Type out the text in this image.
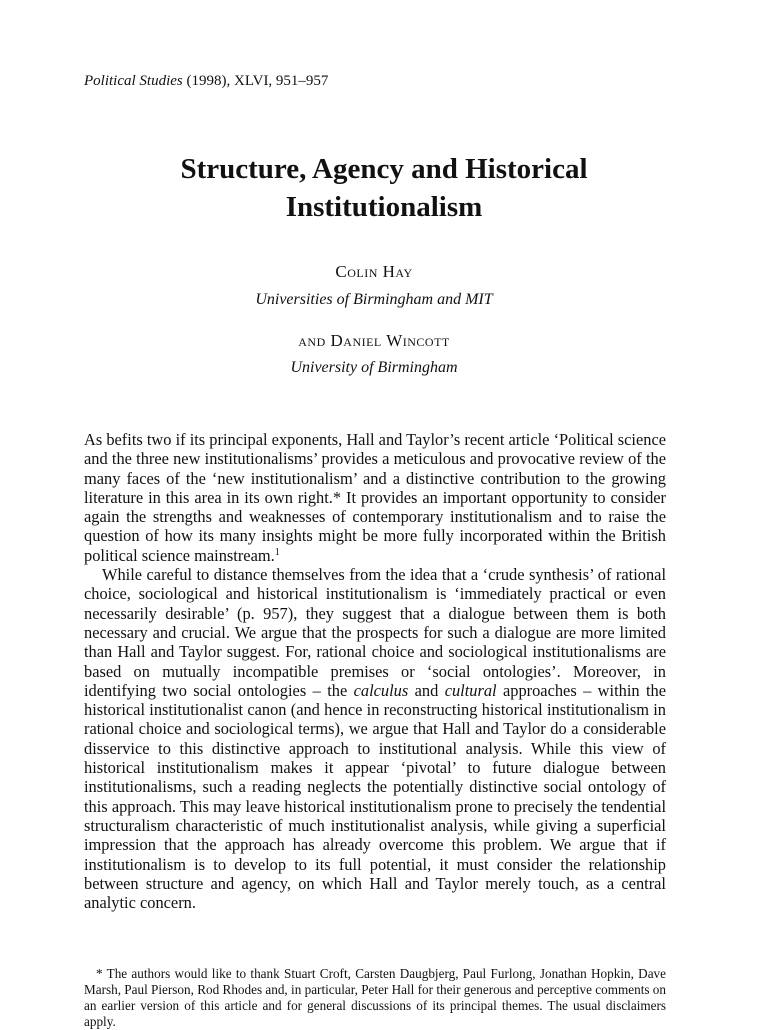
Political Studies (1998), XLVI, 951–957
Structure, Agency and Historical
Institutionalism
Colin Hay
Universities of Birmingham and MIT
and Daniel Wincott
University of Birmingham

As befits two if its principal exponents, Hall and Taylor’s recent article ‘Political science and the three new institutionalisms’ provides a meticulous and provocative review of the many faces of the ‘new institutionalism’ and a distinctive contribution to the growing literature in this area in its own right.* It provides an important opportunity to consider again the strengths and weaknesses of contemporary institutionalism and to raise the question of how its many insights might be more fully incorporated within the British political science mainstream.$^1$

While careful to distance themselves from the idea that a ‘crude synthesis’ of rational choice, sociological and historical institutionalism is ‘immediately practical or even necessarily desirable’ (p. 957), they suggest that a dialogue between them is both necessary and crucial. We argue that the prospects for such a dialogue are more limited than Hall and Taylor suggest. For, rational choice and sociological institutionalisms are based on mutually incompatible premises or ‘social ontologies’. Moreover, in identifying two social ontologies – the calculus and cultural approaches – within the historical institutionalist canon (and hence in reconstructing historical institutionalism in rational choice and sociological terms), we argue that Hall and Taylor do a considerable disservice to this distinctive approach to institutional analysis. While this view of historical institutionalism makes it appear ‘pivotal’ to future dialogue between institutionalisms, such a reading neglects the potentially distinctive social ontology of this approach. This may leave historical institutionalism prone to precisely the tendential structuralism characteristic of much institutionalist analysis, while giving a superficial impression that the approach has already overcome this problem. We argue that if institutionalism is to develop to its full potential, it must consider the relationship between structure and agency, on which Hall and Taylor merely touch, as a central analytic concern.

* The authors would like to thank Stuart Croft, Carsten Daugbjerg, Paul Furlong, Jonathan Hopkin, Dave Marsh, Paul Pierson, Rod Rhodes and, in particular, Peter Hall for their generous and perceptive comments on an earlier version of this article and for general discussions of its principal themes. The usual disclaimers apply.
